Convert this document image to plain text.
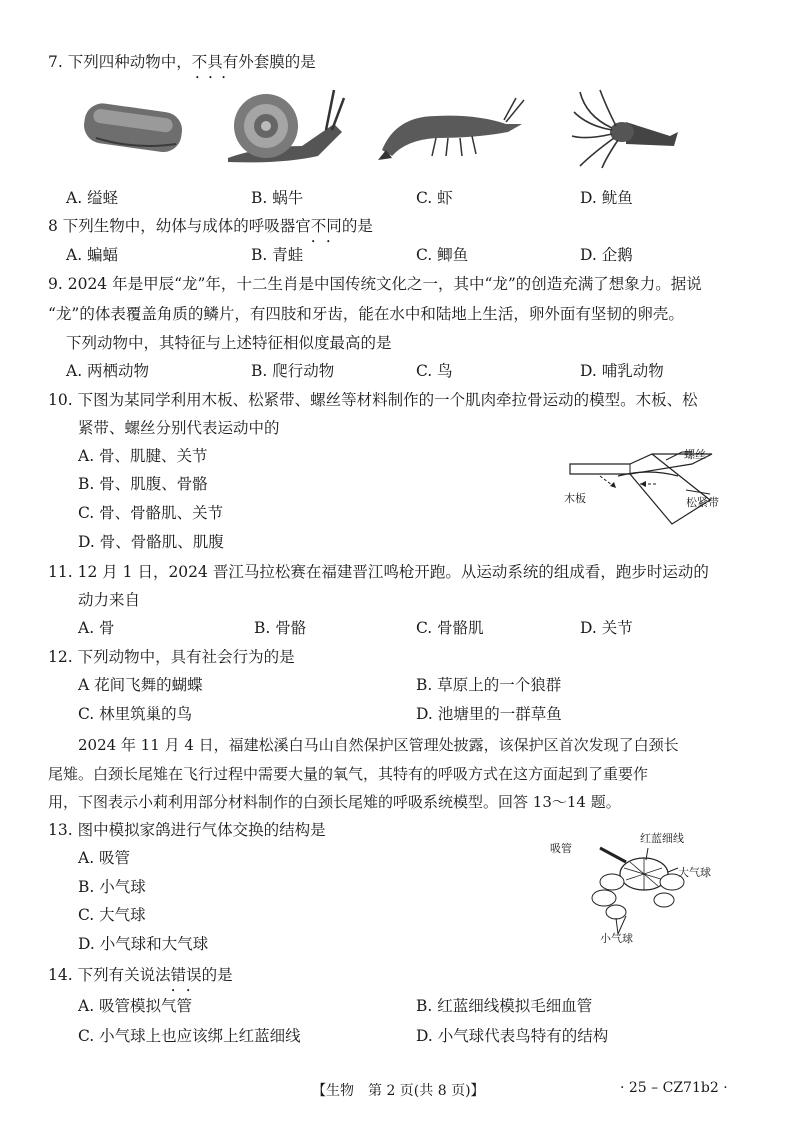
7. 下列四种动物中，不具有 •••外套膜的是
A. 缢蛏	B. 蜗牛	C. 虾	D. 鱿鱼
8 下列生物中，幼体与成体的呼吸器官不同 ••的是
A. 蝙蝠	B. 青蛙	C. 鲫鱼	D. 企鹅
9. 2024 年是甲辰“龙”年，十二生肖是中国传统文化之一，其中“龙”的创造充满了想象力。据说
“龙”的体表覆盖角质的鳞片，有四肢和牙齿，能在水中和陆地上生活，卵外面有坚韧的卵壳。
下列动物中，其特征与上述特征相似度最高的是
A. 两栖动物	B. 爬行动物	C. 鸟	D. 哺乳动物
10. 下图为某同学利用木板、松紧带、螺丝等材料制作的一个肌肉牵拉骨运动的模型。木板、松
紧带、螺丝分别代表运动中的
A. 骨、肌腱、关节
B. 骨、肌腹、骨骼
C. 骨、骨骼肌、关节
D. 骨、骨骼肌、肌腹
螺丝
木板	松紧带
11. 12 月 1 日，2024 晋江马拉松赛在福建晋江鸣枪开跑。从运动系统的组成看，跑步时运动的
动力来自
A. 骨	B. 骨骼	C. 骨骼肌	D. 关节
12. 下列动物中，具有社会行为的是
A 花间飞舞的蝴蝶	B. 草原上的一个狼群
C. 林里筑巢的鸟	D. 池塘里的一群草鱼
2024 年 11 月 4 日，福建松溪白马山自然保护区管理处披露，该保护区首次发现了白颈长
尾雉。白颈长尾雉在飞行过程中需要大量的氧气，其特有的呼吸方式在这方面起到了重要作
用，下图表示小莉利用部分材料制作的白颈长尾雉的呼吸系统模型。回答 13～14 题。
13. 图中模拟家鸽进行气体交换的结构是
A. 吸管
B. 小气球
C. 大气球
D. 小气球和大气球
吸管
红蓝细线
大气球
小气球
14. 下列有关说法错误 ••的是
A. 吸管模拟气管	B. 红蓝细线模拟毛细血管
C. 小气球上也应该绑上红蓝细线	D. 小气球代表鸟特有的结构
【生物　第 2 页(共 8 页)】	· 25 – CZ71b2 ·
